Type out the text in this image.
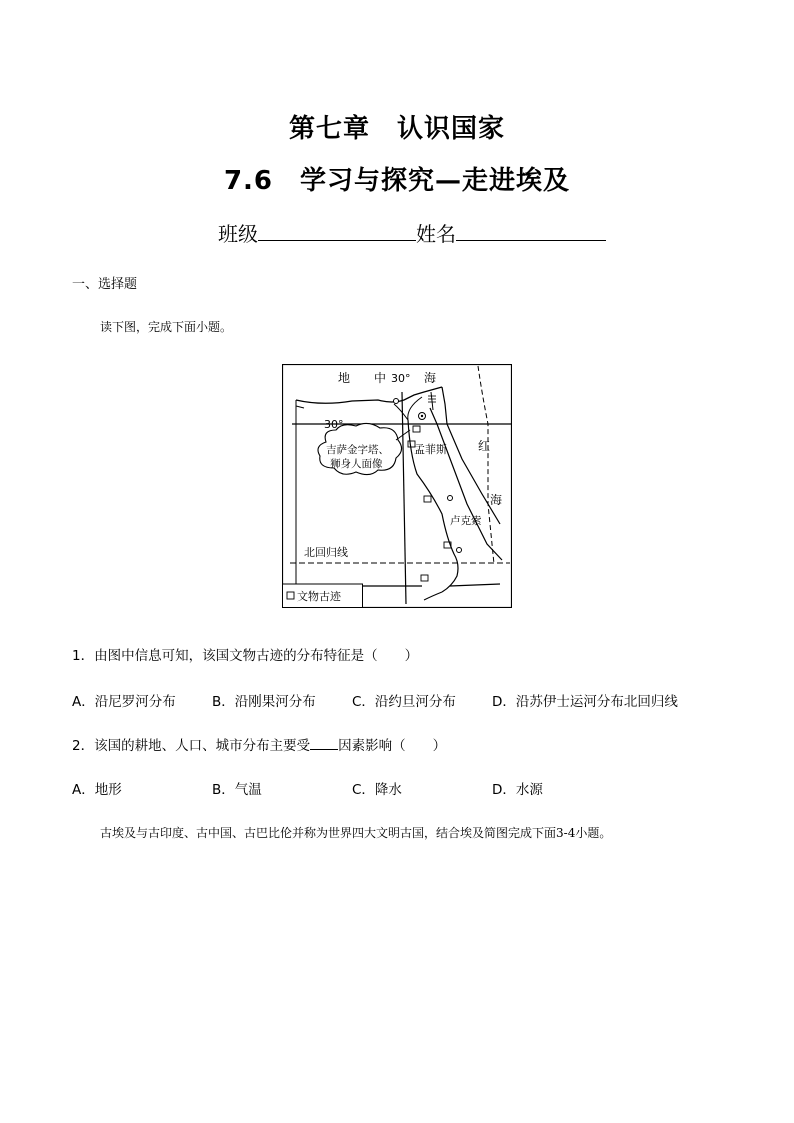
第七章　认识国家
7.6　学习与探究—走进埃及
班级	姓名
一、选择题
读下图，完成下面小题。
地 中 30° 海
30°
吉萨金字塔、
狮身人面像
孟菲斯	红
海
卢克索
北回归线
文物古迹
1．由图中信息可知，该国文物古迹的分布特征是（　　）
A．沿尼罗河分布	B．沿刚果河分布	C．沿约旦河分布	D．沿苏伊士运河分布北回归线
2．该国的耕地、人口、城市分布主要受 因素影响（　　）
A．地形	B．气温	C．降水	D．水源
古埃及与古印度、古中国、古巴比伦并称为世界四大文明古国，结合埃及简图完成下面3-4小题。
